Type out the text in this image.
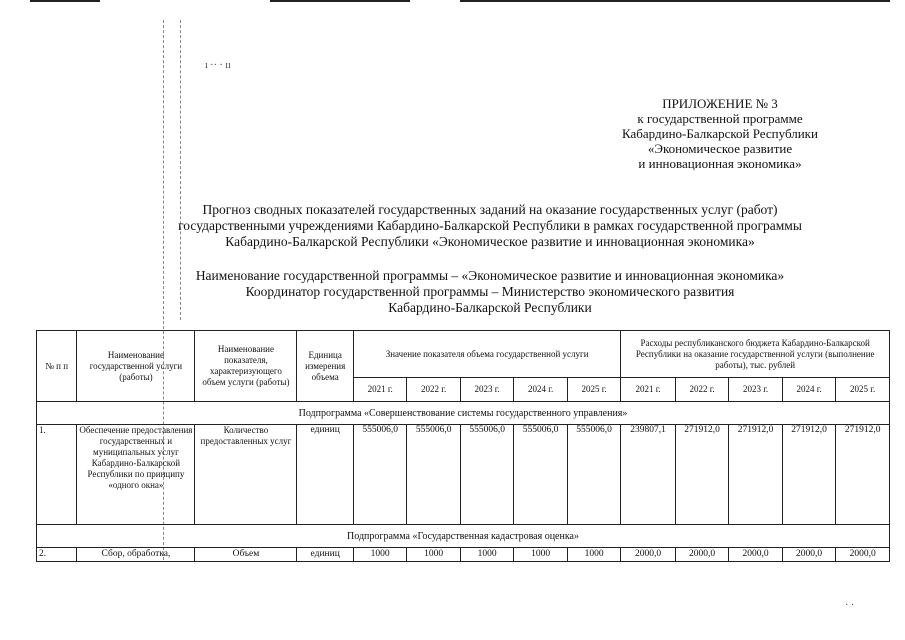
ı ·· · ıı
· ·
ПРИЛОЖЕНИЕ № 3
к государственной программе
Кабардино-Балкарской Республики
«Экономическое развитие
и инновационная экономика»
Прогноз сводных показателей государственных заданий на оказание государственных услуг (работ)
государственными учреждениями Кабардино-Балкарской Республики в рамках государственной программы
Кабардино-Балкарской Республики «Экономическое развитие и инновационная экономика»
Наименование государственной программы – «Экономическое развитие и инновационная экономика»
Координатор государственной программы – Министерство экономического развития
Кабардино-Балкарской Республики
№ п п	Наименование государственной услуги (работы)	Наименование показателя, характеризующего объем услуги (работы)	Единица измерения объема	Значение показателя объема государственной услуги					Расходы республиканского бюджета Кабардино-Балкарской Республики на оказание государственной услуги (выполнение работы), тыс. рублей				
				2021 г.	2022 г.	2023 г.	2024 г.	2025 г.	2021 г.	2022 г.	2023 г.	2024 г.	2025 г.
Подпрограмма «Совершенствование системы государственного управления»													
1.	Обеспечение предоставления государственных и муниципальных услуг Кабардино-Балкарской Республики по принципу «одного окна»	Количество предоставленных услуг	единиц	555006,0	555006,0	555006,0	555006,0	555006,0	239807,1	271912,0	271912,0	271912,0	271912,0
Подпрограмма «Государственная кадастровая оценка»													
2.	Сбор, обработка,	Объем	единиц	1000	1000	1000	1000	1000	2000,0	2000,0	2000,0	2000,0	2000,0
